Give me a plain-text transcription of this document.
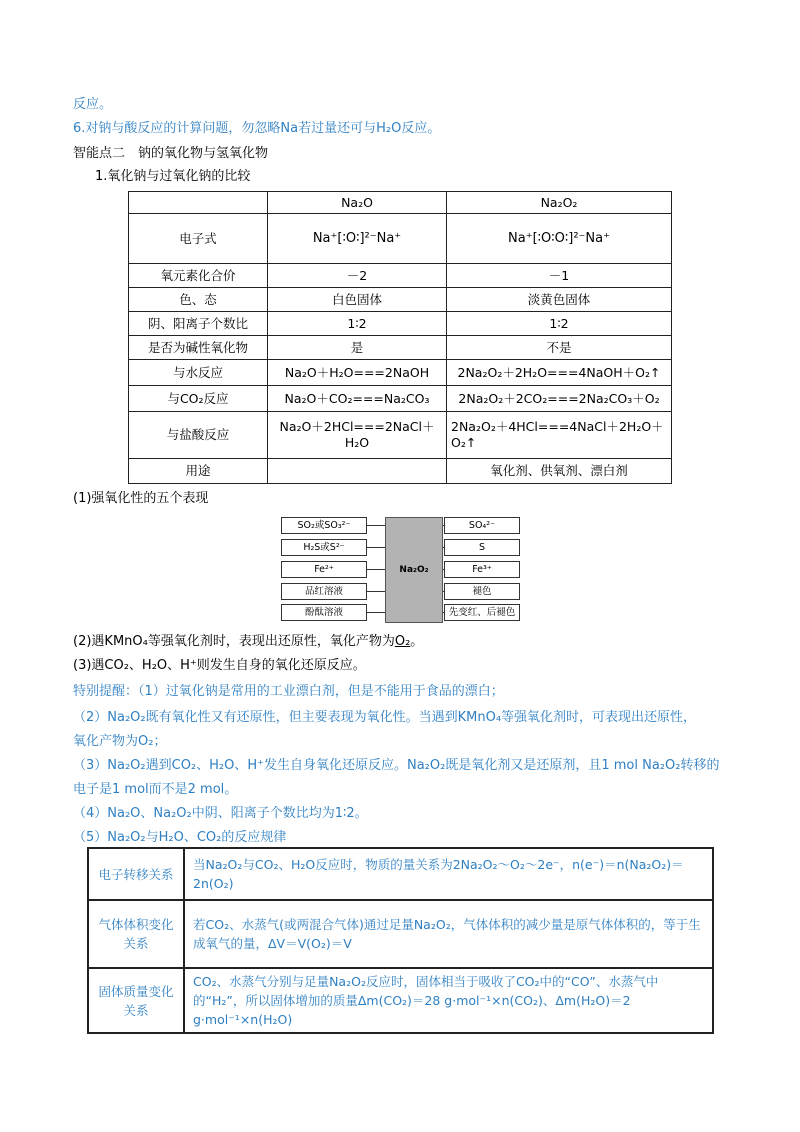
反应。
6.对钠与酸反应的计算问题，勿忽略Na若过量还可与H₂O反应。
智能点二　钠的氧化物与氢氧化物
1.氧化钠与过氧化钠的比较
	Na₂O	Na₂O₂
电子式	Na⁺[∶O∶]²⁻Na⁺	Na⁺[∶O∶O∶]²⁻Na⁺
氧元素化合价	－2	－1
色、态	白色固体	淡黄色固体
阴、阳离子个数比	1∶2	1∶2
是否为碱性氧化物	是	不是
与水反应	Na₂O＋H₂O===2NaOH	2Na₂O₂＋2H₂O===4NaOH＋O₂↑
与CO₂反应	Na₂O＋CO₂===Na₂CO₃	2Na₂O₂＋2CO₂===2Na₂CO₃＋O₂
与盐酸反应	Na₂O＋2HCl===2NaCl＋H₂O	2Na₂O₂＋4HCl===4NaCl＋2H₂O＋O₂↑
用途		氧化剂、供氧剂、漂白剂
(1)强氧化性的五个表现
SO₂或SO₃²⁻
H₂S或S²⁻
Fe²⁺
品红溶液
酚酞溶液
Na₂O₂
SO₄²⁻
S
Fe³⁺
褪色
先变红、后褪色
(2)遇KMnO₄等强氧化剂时，表现出还原性，氧化产物为O₂。
(3)遇CO₂、H₂O、H⁺则发生自身的氧化还原反应。
特别提醒：（1）过氧化钠是常用的工业漂白剂，但是不能用于食品的漂白；
（2）Na₂O₂既有氧化性又有还原性，但主要表现为氧化性。当遇到KMnO₄等强氧化剂时，可表现出还原性，
氧化产物为O₂；
（3）Na₂O₂遇到CO₂、H₂O、H⁺发生自身氧化还原反应。Na₂O₂既是氧化剂又是还原剂，且1 mol Na₂O₂转移的
电子是1 mol而不是2 mol。
（4）Na₂O、Na₂O₂中阴、阳离子个数比均为1∶2。
（5）Na₂O₂与H₂O、CO₂的反应规律
电子转移关系	当Na₂O₂与CO₂、H₂O反应时，物质的量关系为2Na₂O₂～O₂～2e⁻，n(e⁻)＝n(Na₂O₂)＝2n(O₂)
气体体积变化关系	若CO₂、水蒸气(或两混合气体)通过足量Na₂O₂，气体体积的减少量是原气体体积的，等于生成氧气的量，ΔV＝V(O₂)＝V
固体质量变化关系	CO₂、水蒸气分别与足量Na₂O₂反应时，固体相当于吸收了CO₂中的“CO”、水蒸气中的“H₂”，所以固体增加的质量Δm(CO₂)＝28 g·mol⁻¹×n(CO₂)、Δm(H₂O)＝2 g·mol⁻¹×n(H₂O)
